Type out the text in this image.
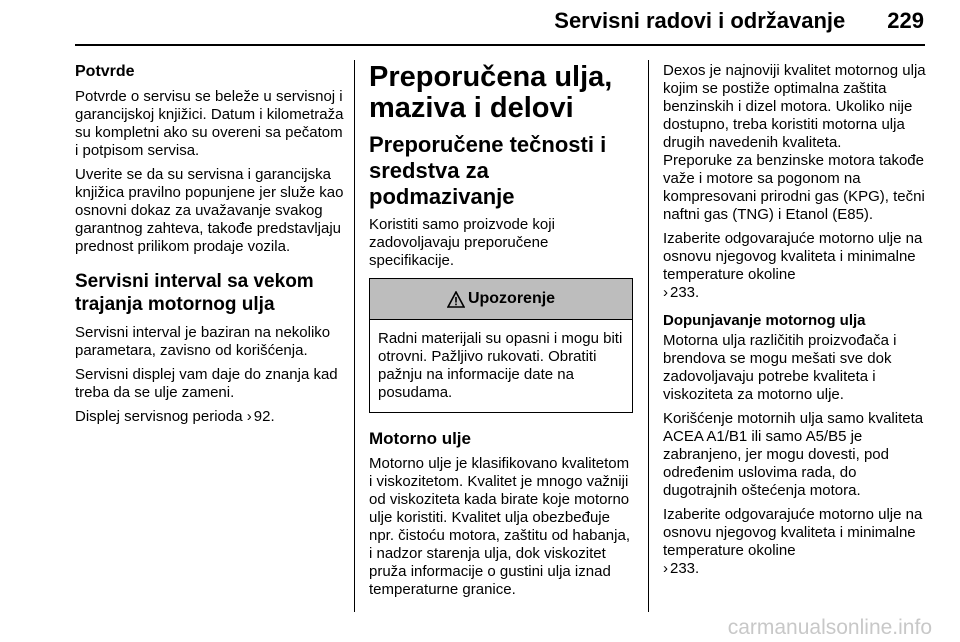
Servisni radovi i održavanje 229
Potvrde

Potvrde o servisu se beleže u servisnoj i garancijskoj knjižici. Datum i kilometraža su kompletni ako su overeni sa pečatom i potpisom servisa.

Uverite se da su servisna i garancijska knjižica pravilno popunjene jer služe kao osnovni dokaz za uvažavanje svakog garantnog zahteva, takođe predstavljaju prednost prilikom prodaje vozila.

Servisni interval sa vekom trajanja motornog ulja

Servisni interval je baziran na nekoliko parametara, zavisno od korišćenja.

Servisni displej vam daje do znanja kad treba da se ulje zameni.

Displej servisnog perioda › 92.

Preporučena ulja, maziva i delovi
Preporučene tečnosti i sredstva za podmazivanje

Koristiti samo proizvode koji zadovoljavaju preporučene specifikacije.

Upozorenje
Radni materijali su opasni i mogu biti otrovni. Pažljivo rukovati. Obratiti pažnju na informacije date na posudama.
Motorno ulje

Motorno ulje je klasifikovano kvalitetom i viskozitetom. Kvalitet je mnogo važniji od viskoziteta kada birate koje motorno ulje koristiti. Kvalitet ulja obezbeđuje npr. čistoću motora, zaštitu od habanja, i nadzor starenja ulja, dok viskozitet pruža informacije o gustini ulja iznad temperaturne granice.

Dexos je najnoviji kvalitet motornog ulja kojim se postiže optimalna zaštita benzinskih i dizel motora. Ukoliko nije dostupno, treba koristiti motorna ulja drugih navedenih kvaliteta.

Preporuke za benzinske motora takođe važe i motore sa pogonom na kompresovani prirodni gas (KPG), tečni naftni gas (TNG) i Etanol (E85).

Izaberite odgovarajuće motorno ulje na osnovu njegovog kvaliteta i minimalne temperature okoline
› 233.

Dopunjavanje motornog ulja

Motorna ulja različitih proizvođača i brendova se mogu mešati sve dok zadovoljavaju potrebe kvaliteta i viskoziteta za motorno ulje.

Korišćenje motornih ulja samo kvaliteta ACEA A1/B1 ili samo A5/B5 je zabranjeno, jer mogu dovesti, pod određenim uslovima rada, do dugotrajnih oštećenja motora.

Izaberite odgovarajuće motorno ulje na osnovu njegovog kvaliteta i minimalne temperature okoline
› 233.

carmanualsonline.info
